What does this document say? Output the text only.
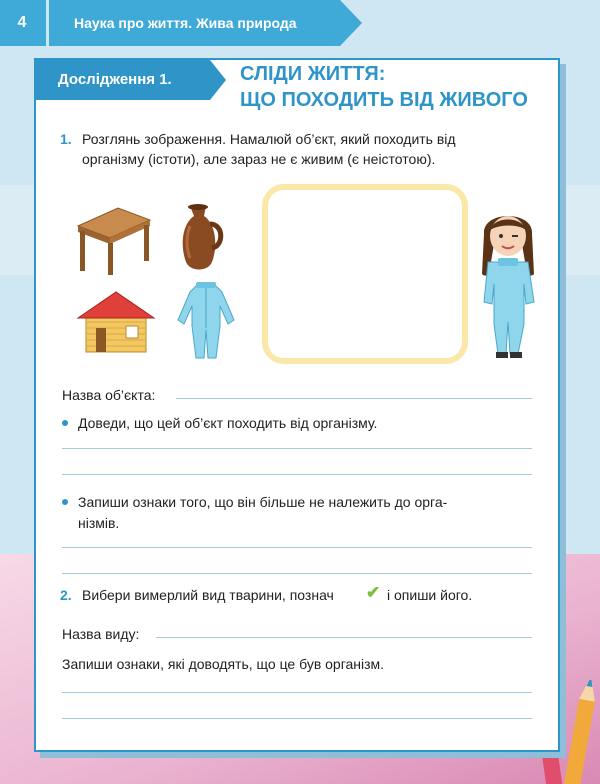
4	Наука про життя. Жива природа
Дослідження 1.	СЛІДИ ЖИТТЯ:
ЩО ПОХОДИТЬ ВІД ЖИВОГО
1. Розглянь зображення. Намалюй об’єкт, який походить від
організму (істоти), але зараз не є живим (є неістотою).
Назва об’єкта:
Доведи, що цей об’єкт походить від організму.
Запиши ознаки того, що він більше не належить до орга-
нізмів.
2. Вибери вимерлий вид тварини, познач ✔ і опиши його.
Назва виду:
Запиши ознаки, які доводять, що це був організм.
